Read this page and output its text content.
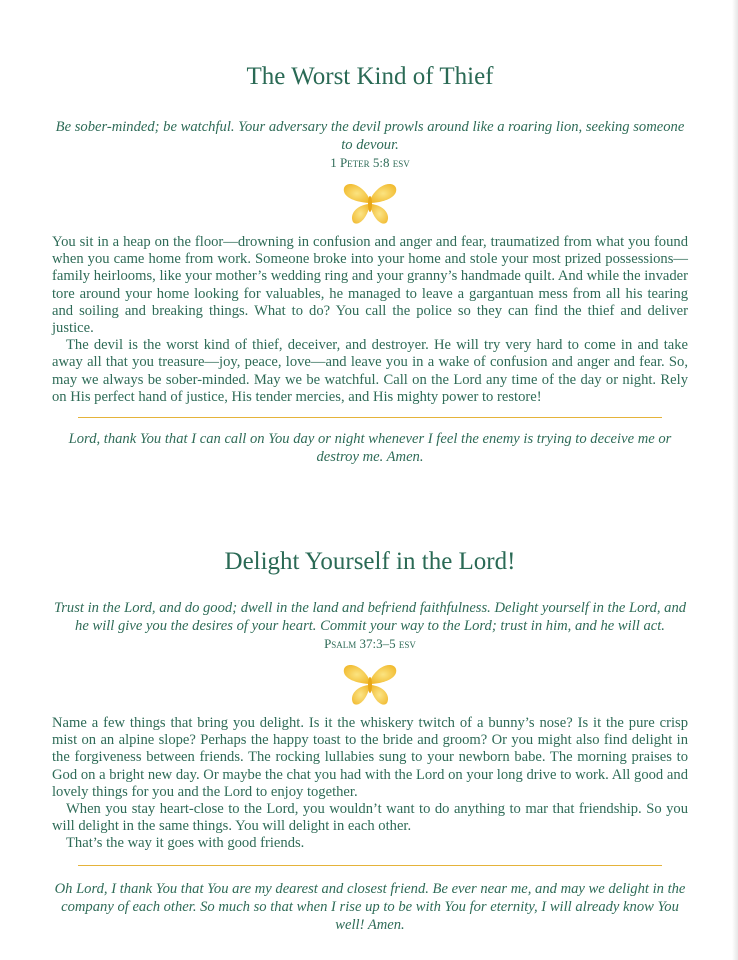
The Worst Kind of Thief

Be sober-minded; be watchful. Your adversary the devil prowls around like a roaring lion, seeking someone to devour.

1 Peter 5:8 esv

You sit in a heap on the floor—drowning in confusion and anger and fear, traumatized from what you found when you came home from work. Someone broke into your home and stole your most prized possessions—family heirlooms, like your mother’s wedding ring and your granny’s handmade quilt. And while the invader tore around your home looking for valuables, he managed to leave a gargantuan mess from all his tearing and soiling and breaking things. What to do? You call the police so they can find the thief and deliver justice.

The devil is the worst kind of thief, deceiver, and destroyer. He will try very hard to come in and take away all that you treasure—joy, peace, love—and leave you in a wake of confusion and anger and fear. So, may we always be sober-minded. May we be watchful. Call on the Lord any time of the day or night. Rely on His perfect hand of justice, His tender mercies, and His mighty power to restore!

Lord, thank You that I can call on You day or night whenever I feel the enemy is trying to deceive me or destroy me. Amen.

Delight Yourself in the Lord!

Trust in the Lord, and do good; dwell in the land and befriend faithfulness. Delight yourself in the Lord, and he will give you the desires of your heart. Commit your way to the Lord; trust in him, and he will act.

Psalm 37:3–5 esv

Name a few things that bring you delight. Is it the whiskery twitch of a bunny’s nose? Is it the pure crisp mist on an alpine slope? Perhaps the happy toast to the bride and groom? Or you might also find delight in the forgiveness between friends. The rocking lullabies sung to your newborn babe. The morning praises to God on a bright new day. Or maybe the chat you had with the Lord on your long drive to work. All good and lovely things for you and the Lord to enjoy together.

When you stay heart-close to the Lord, you wouldn’t want to do anything to mar that friendship. So you will delight in the same things. You will delight in each other.

That’s the way it goes with good friends.

Oh Lord, I thank You that You are my dearest and closest friend. Be ever near me, and may we delight in the company of each other. So much so that when I rise up to be with You for eternity, I will already know You well! Amen.
